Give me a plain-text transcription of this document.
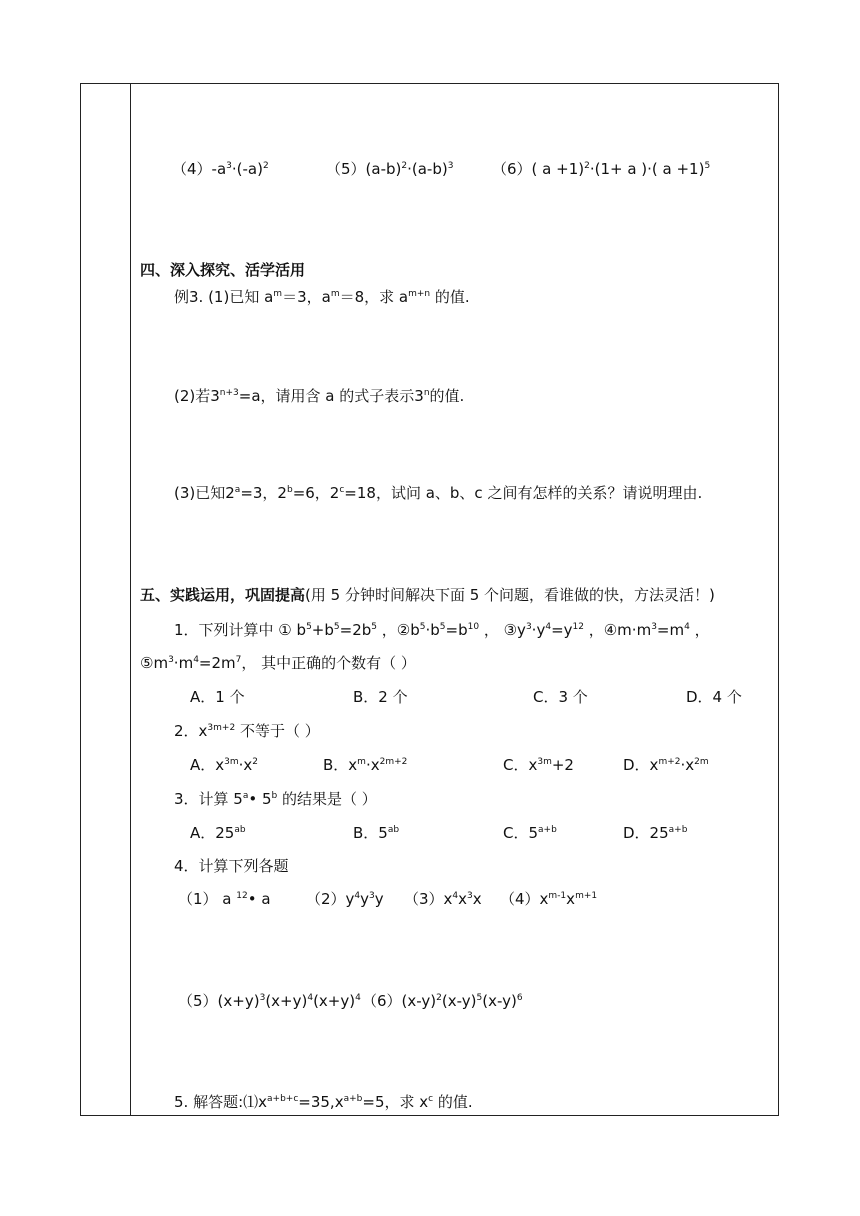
$(4)-a^3\cdot(-a)^2$	$(5)(a-b)^2\cdot(a-b)^3$	（6）( a +1)$^2$·(1+ a )·( a +1)$^5$
四、深入探究、活学活用
例3. (1)已知 $a^m=3$，$a^m=8$，求 $a^{m+n}$ 的值.
(2)若$3^{n+3}=a$，请用含 a 的式子表示3$^n$的值.
(3)已知$2^a=3$，$2^b=6$，$2^c=18$，试问 a、b、c 之间有怎样的关系？请说明理由.
五、实践运用，巩固提高(用 5 分钟时间解决下面 5 个问题，看谁做的快，方法灵活！)
1．下列计算中 ① $b^5+b^5=2b^5$ ，$②b^5\cdot b^5=b^{10}$ ， $③y^3\cdot y^4=y^{12}$ ，$④m\cdot m^3=m^4$ ，
$⑤m^3\cdot m^4=2m^7$， 其中正确的个数有（ ）
A．1 个	B．2 个	C．3 个	D．4 个
2．$x^{3m+2}$ 不等于（ ）
A．$x^{3m}\cdot x^2$	B．$x^m\cdot x^{2m+2}$	C．$x^{3m}+2$	D．$x^{m+2}\cdot x^{2m}$
3．计算 5$^a$• 5$^b$ 的结果是（ ）
A．$25^{ab}$	B．$5^{ab}$	C．$5^{a+b}$	D．$25^{a+b}$
4．计算下列各题
（1） a $^{12}$• a $(2)y^4y^3y$ $(3)x^4x^3x$ $(4)x^{m-1}x^{m+1}$
$(5)(x+y)^3(x+y)^4(x+y)^4$ $(6)(x-y)^2(x-y)^5(x-y)^6$
5. 解答题$:⑴x^{a+b+c}=35,x^{a+b}=5$，求 $x^c$ 的值.
